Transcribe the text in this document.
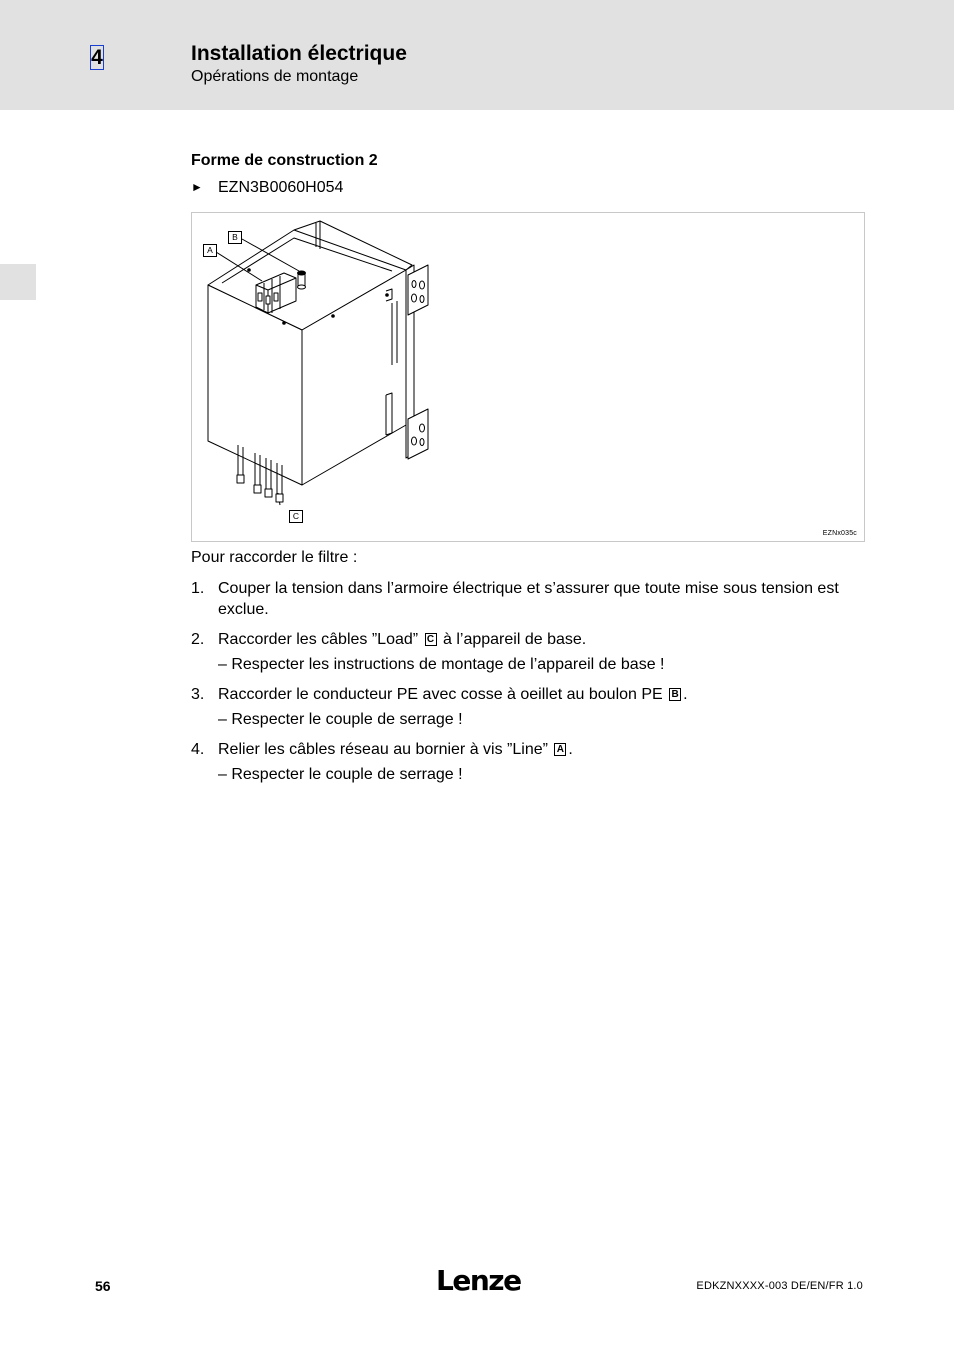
4	Installation électrique
Opérations de montage
Forme de construction 2
► EZN3B0060H054
A
B
C
EZNx035c
Pour raccorder le filtre :
1. Couper la tension dans l’armoire électrique et s’assurer que toute mise sous tension est exclue.
2. Raccorder les câbles ”Load” C à l’appareil de base.
– Respecter les instructions de montage de l’appareil de base !
3. Raccorder le conducteur PE avec cosse à oeillet au boulon PE B .
– Respecter le couple de serrage !
4. Relier les câbles réseau au bornier à vis ”Line” A .
– Respecter le couple de serrage !
56	Lenze	EDKZNXXXX-003 DE/EN/FR 1.0
